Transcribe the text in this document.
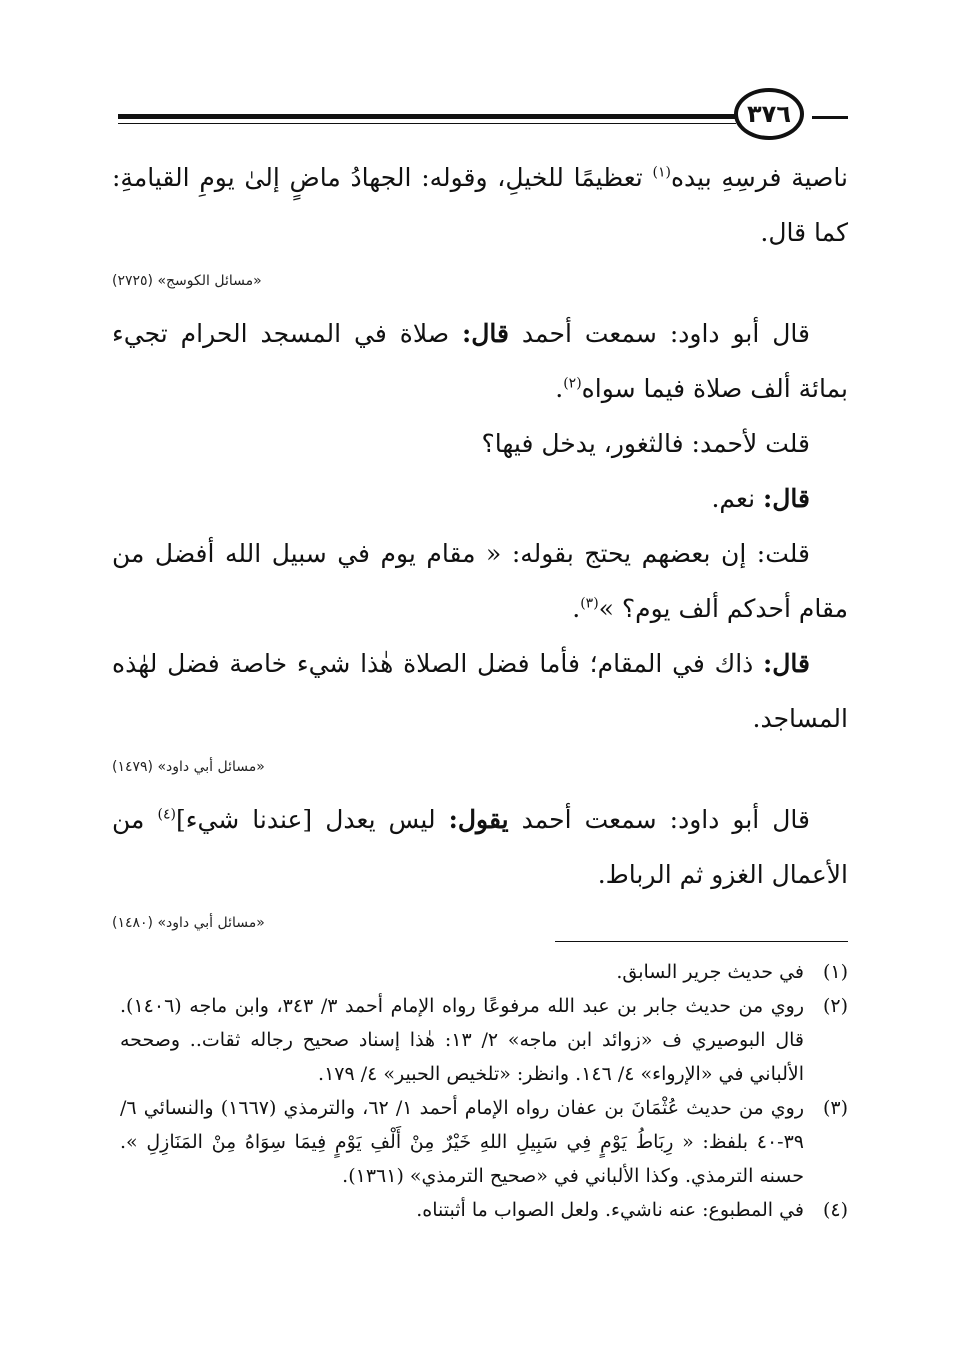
٣٧٦

ناصية فرسِهِ بيده$^{(١)}$ تعظيمًا للخيلِ، وقوله: الجهادُ ماضٍ إلىٰ يومِ القيامةِ: كما قال.

«مسائل الكوسج» (٢٧٢٥)

قال أبو داود: سمعت أحمد قال: صلاة في المسجد الحرام تجيء بمائة ألف صلاة فيما سواه$^{(٢)}$.

قلت لأحمد: فالثغور، يدخل فيها؟

قال: نعم.

قلت: إن بعضهم يحتج بقوله: « مقام يوم في سبيل الله أفضل من مقام أحدكم ألف يوم؟ »$^{(٣)}$.

قال: ذاك في المقام؛ فأما فضل الصلاة هٰذا شيء خاصة فضل لهٰذه المساجد.

«مسائل أبي داود» (١٤٧٩)

قال أبو داود: سمعت أحمد يقول: ليس يعدل [عندنا شيء]$^{(٤)}$ من الأعمال الغزو ثم الرباط.

«مسائل أبي داود» (١٤٨٠)

(١)
في حديث جرير السابق.
(٢)
روي من حديث جابر بن عبد الله مرفوعًا رواه الإمام أحمد ٣/ ٣٤٣، وابن ماجه (١٤٠٦). قال البوصيري ف «زوائد ابن ماجه» ٢/ ١٣: هٰذا إسناد صحيح رجاله ثقات.. وصححه الألباني في «الإرواء» ٤/ ١٤٦. وانظر: «تلخيص الحبير» ٤/ ١٧٩.
(٣)
روي من حديث عُثْمَانَ بن عفان رواه الإمام أحمد ١/ ٦٢، والترمذي (١٦٦٧) والنسائي ٦/ ٣٩-٤٠ بلفظ: « رِبَاطُ يَوْمٍ فِي سَبِيلِ اللهِ خَيْرٌ مِنْ أَلْفِ يَوْمٍ فِيمَا سِوَاهُ مِنْ المَنَازِلِ ». حسنه الترمذي. وكذا الألباني في «صحيح الترمذي» (١٣٦١).
(٤)
في المطبوع: عنه ناشيء. ولعل الصواب ما أثبتناه.
